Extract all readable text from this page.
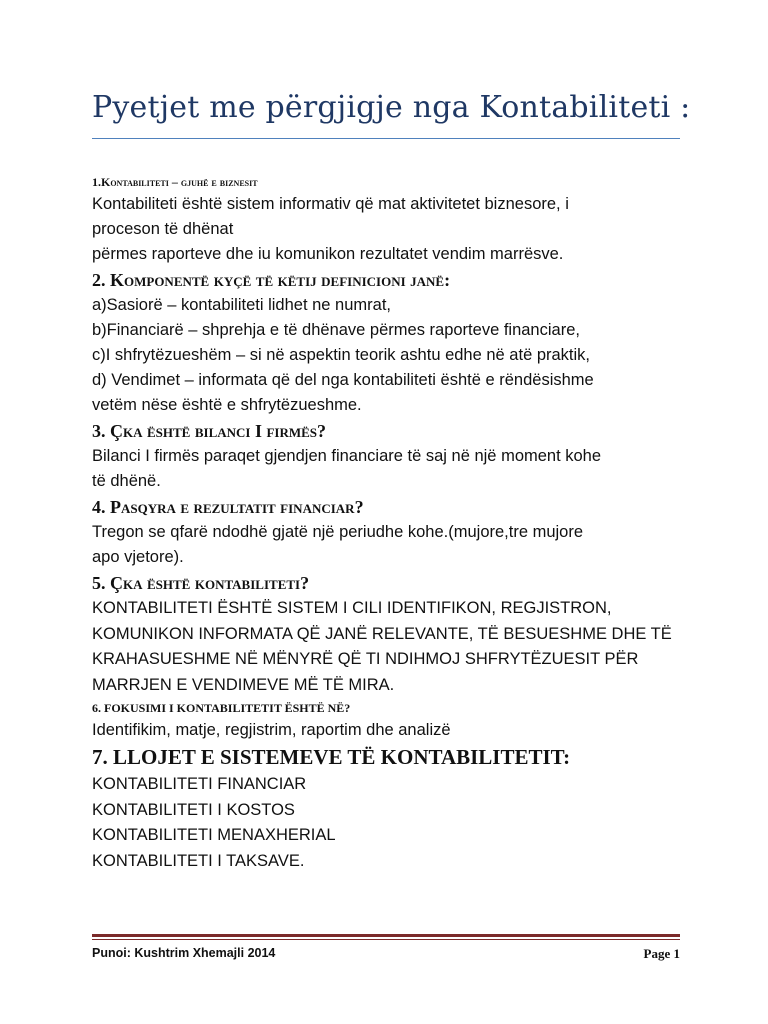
Pyetjet me përgjigje nga Kontabiliteti :
1.Kontabiliteti – gjuhë e biznesit
Kontabiliteti është sistem informativ që mat aktivitetet biznesore, i
proceson të dhënat
përmes raporteve dhe iu komunikon rezultatet vendim marrësve.
2. Komponentë kyçë të këtij definicioni janë:
a)Sasiorë – kontabiliteti lidhet ne numrat,
b)Financiarë – shprehja e të dhënave përmes raporteve financiare,
c)I shfrytëzueshëm – si në aspektin teorik ashtu edhe në atë praktik,
d) Vendimet – informata që del nga kontabiliteti është e rëndësishme
vetëm nëse është e shfrytëzueshme.
3. Çka është bilanci I firmës?
Bilanci I firmës paraqet gjendjen financiare të saj në një moment kohe
të dhënë.
4. Pasqyra e rezultatit financiar?
Tregon se qfarë ndodhë gjatë një periudhe kohe.(mujore,tre mujore
apo vjetore).
5. Çka është kontabiliteti?
KONTABILITETI ËSHTË SISTEM I CILI IDENTIFIKON, REGJISTRON,
KOMUNIKON INFORMATA QË JANË RELEVANTE, TË BESUESHME DHE TË
KRAHASUESHME NË MËNYRË QË TI NDIHMOJ SHFRYTËZUESIT PËR
MARRJEN E VENDIMEVE MË TË MIRA.
6. FOKUSIMI I KONTABILITETIT ËSHTË NË?
Identifikim, matje, regjistrim, raportim dhe analizë
7. LLOJET E SISTEMEVE TË KONTABILITETIT:
KONTABILITETI FINANCIAR
KONTABILITETI I KOSTOS
KONTABILITETI MENAXHERIAL
KONTABILITETI I TAKSAVE.
Punoi: Kushtrim Xhemajli 2014	Page 1
